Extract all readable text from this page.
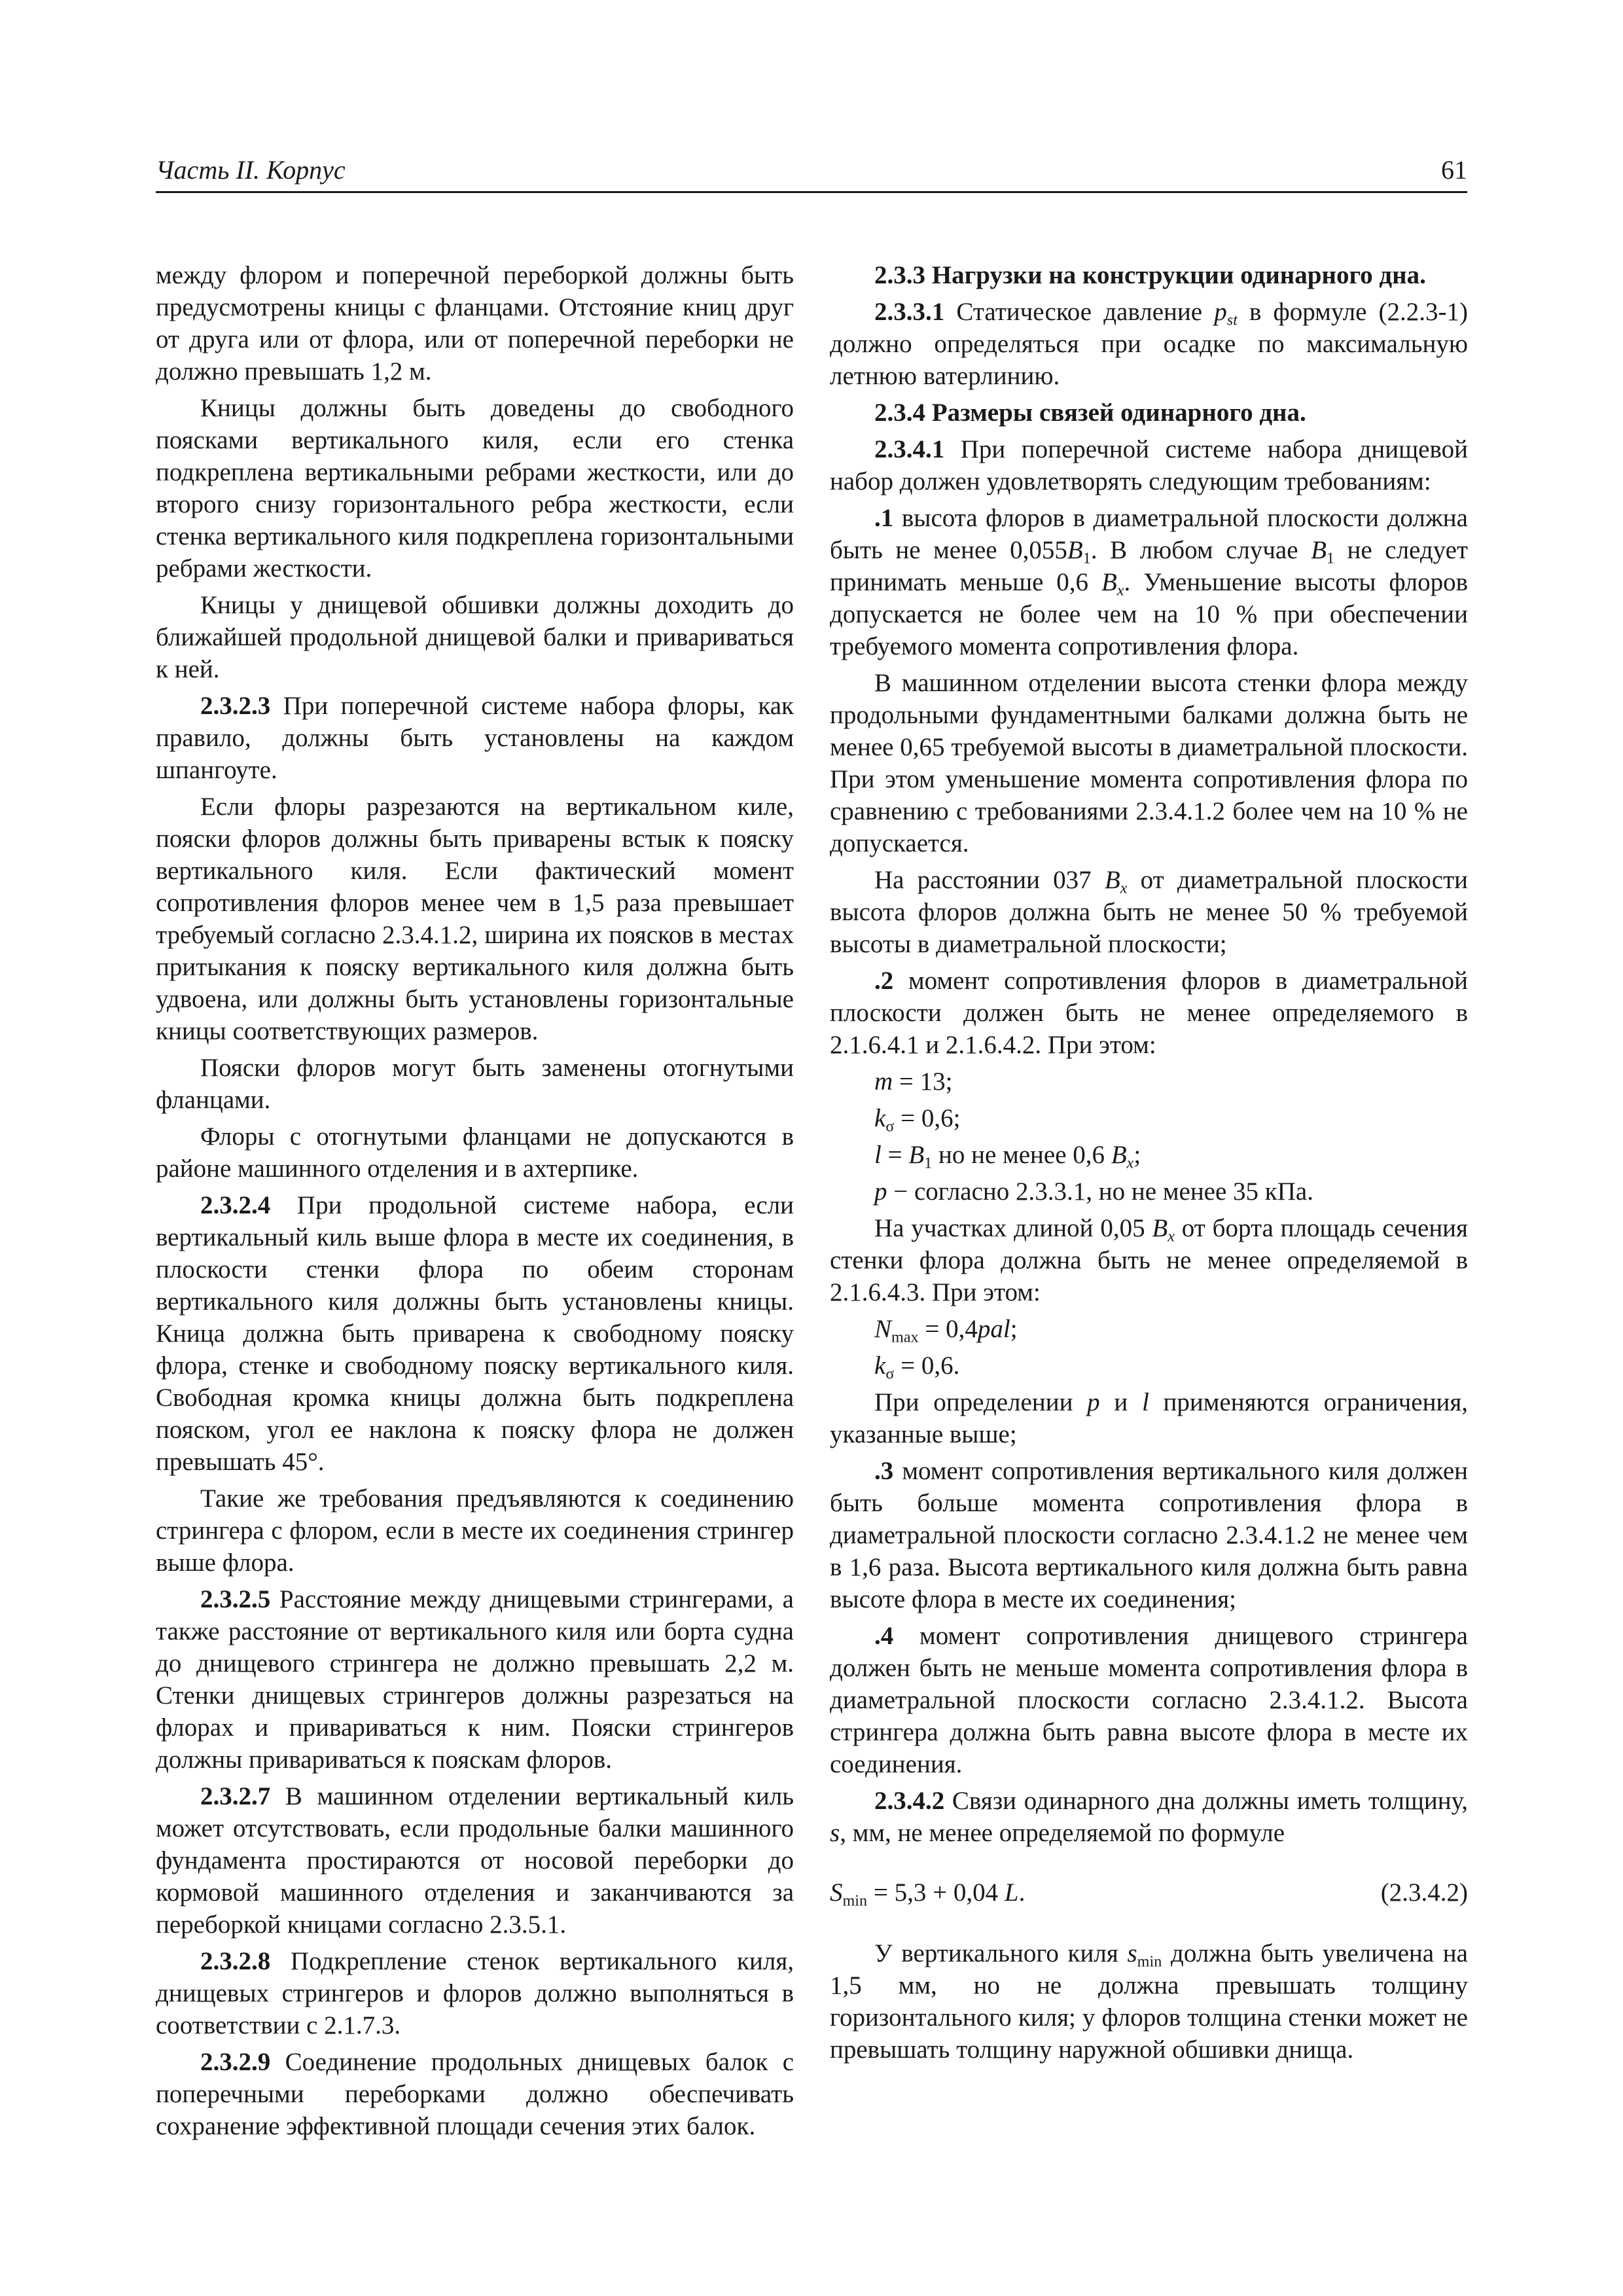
Часть II. Корпус	61

между флором и поперечной переборкой должны быть предусмотрены кницы с фланцами. Отстояние книц друг от друга или от флора, или от поперечной переборки не должно превышать 1,2 м.

Кницы должны быть доведены до свободного поясками вертикального киля, если его стенка подкреплена вертикальными ребрами жесткости, или до второго снизу горизонтального ребра жесткости, если стенка вертикального киля подкреплена горизонтальными ребрами жесткости.

Кницы у днищевой обшивки должны доходить до ближайшей продольной днищевой балки и привариваться к ней.

2.3.2.3 При поперечной системе набора флоры, как правило, должны быть установлены на каждом шпангоуте.

Если флоры разрезаются на вертикальном киле, пояски флоров должны быть приварены встык к пояску вертикального киля. Если фактический момент сопротивления флоров менее чем в 1,5 раза превышает требуемый согласно 2.3.4.1.2, ширина их поясков в местах притыкания к пояску вертикального киля должна быть удвоена, или должны быть установлены горизонтальные кницы соответствующих размеров.

Пояски флоров могут быть заменены отогнутыми фланцами.

Флоры с отогнутыми фланцами не допускаются в районе машинного отделения и в ахтерпике.

2.3.2.4 При продольной системе набора, если вертикальный киль выше флора в месте их соединения, в плоскости стенки флора по обеим сторонам вертикального киля должны быть установлены кницы. Кница должна быть приварена к свободному пояску флора, стенке и свободному пояску вертикального киля. Свободная кромка кницы должна быть подкреплена пояском, угол ее наклона к пояску флора не должен превышать 45°.

Такие же требования предъявляются к соединению стрингера с флором, если в месте их соединения стрингер выше флора.

2.3.2.5 Расстояние между днищевыми стрингерами, а также расстояние от вертикального киля или борта судна до днищевого стрингера не должно превышать 2,2 м. Стенки днищевых стрингеров должны разрезаться на флорах и привариваться к ним. Пояски стрингеров должны привариваться к пояскам флоров.

2.3.2.7 В машинном отделении вертикальный киль может отсутствовать, если продольные балки машинного фундамента простираются от носовой переборки до кормовой машинного отделения и заканчиваются за переборкой кницами согласно 2.3.5.1.

2.3.2.8 Подкрепление стенок вертикального киля, днищевых стрингеров и флоров должно выполняться в соответствии с 2.1.7.3.

2.3.2.9 Соединение продольных днищевых балок с поперечными переборками должно обеспечивать сохранение эффективной площади сечения этих балок.

2.3.3 Нагрузки на конструкции одинарного дна.

2.3.3.1 Статическое давление $p_{st}$ в формуле (2.2.3-1) должно определяться при осадке по максимальную летнюю ватерлинию.

2.3.4 Размеры связей одинарного дна.

2.3.4.1 При поперечной системе набора днищевой набор должен удовлетворять следующим требованиям:

.1 высота флоров в диаметральной плоскости должна быть не менее $0,055B_1$. В любом случае $B_1$ не следует принимать меньше 0,6 $B_x$. Уменьшение высоты флоров допускается не более чем на 10 % при обеспечении требуемого момента сопротивления флора.

В машинном отделении высота стенки флора между продольными фундаментными балками должна быть не менее 0,65 требуемой высоты в диаметральной плоскости. При этом уменьшение момента сопротивления флора по сравнению с требованиями 2.3.4.1.2 более чем на 10 % не допускается.

На расстоянии 037 $B_x$ от диаметральной плоскости высота флоров должна быть не менее 50 % требуемой высоты в диаметральной плоскости;

.2 момент сопротивления флоров в диаметральной плоскости должен быть не менее определяемого в 2.1.6.4.1 и 2.1.6.4.2. При этом:

m = 13;

$k_\sigma = 0,6$;

$l = B_1$ но не менее 0,6 $B_x$;

p − согласно 2.3.3.1, но не менее 35 кПа.

На участках длиной 0,05 $B_x$ от борта площадь сечения стенки флора должна быть не менее определяемой в 2.1.6.4.3. При этом:

$N_{max} = 0,4pal$;

$k_\sigma = 0,6$.

При определении p и l применяются ограничения, указанные выше;

.3 момент сопротивления вертикального киля должен быть больше момента сопротивления флора в диаметральной плоскости согласно 2.3.4.1.2 не менее чем в 1,6 раза. Высота вертикального киля должна быть равна высоте флора в месте их соединения;

.4 момент сопротивления днищевого стрингера должен быть не меньше момента сопротивления флора в диаметральной плоскости согласно 2.3.4.1.2. Высота стрингера должна быть равна высоте флора в месте их соединения.

2.3.4.2 Связи одинарного дна должны иметь толщину, s, мм, не менее определяемой по формуле

$S_{min} = 5,3 + 0,04$ L.	(2.3.4.2)

У вертикального киля $s_{min}$ должна быть увеличена на 1,5 мм, но не должна превышать толщину горизонтального киля; у флоров толщина стенки может не превышать толщину наружной обшивки днища.
